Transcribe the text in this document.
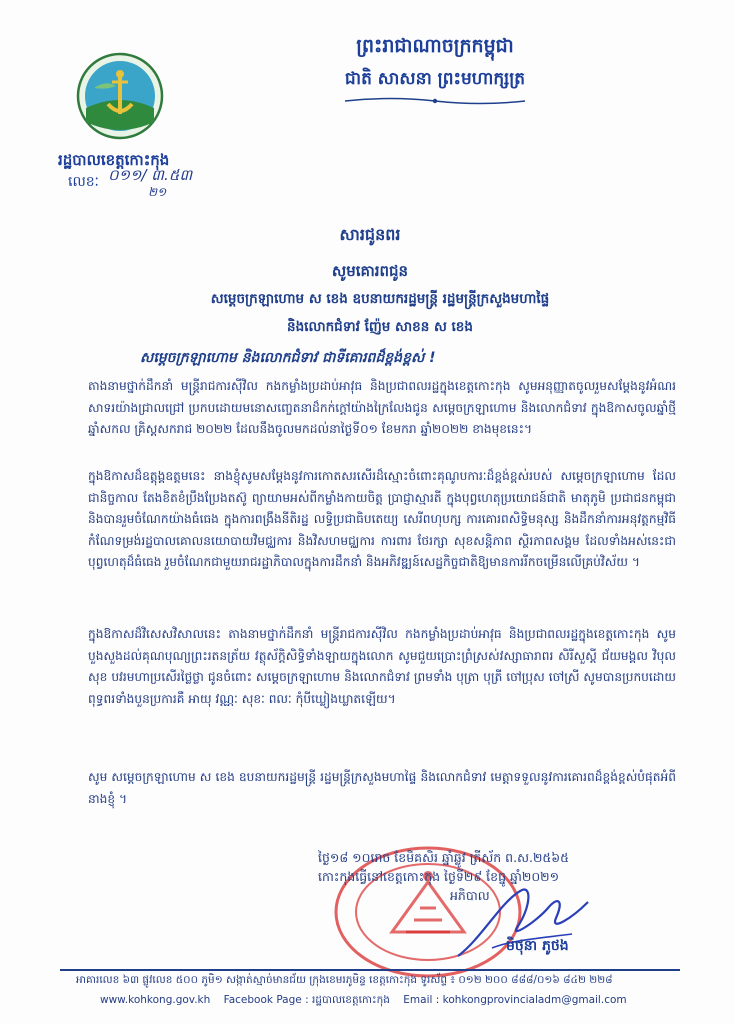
ព្រះរាជាណាចក្រកម្ពុជា
ជាតិ សាសនា ព្រះមហាក្សត្រ
រដ្ឋបាលខេត្តកោះកុង
លេខៈ ០១១/ ៣.៥៣
២១
សារជូនពរ
សូមគោរពជូន
សម្តេចក្រឡាហោម ស ខេង ឧបនាយករដ្ឋមន្ត្រី រដ្ឋមន្ត្រីក្រសួងមហាផ្ទៃ
និងលោកជំទាវ ញ៉ែម សាខន ស ខេង
សម្តេចក្រឡាហោម និងលោកជំទាវ ជាទីគោរពដ៏ខ្ពង់ខ្ពស់ !

តាងនាមថ្នាក់ដឹកនាំ មន្ត្រីរាជការស៊ីវិល កងកម្លាំងប្រដាប់អាវុធ និងប្រជាពលរដ្ឋក្នុងខេត្តកោះកុង សូមអនុញ្ញាតចូលរួមសម្តែងនូវអំណរសាទរយ៉ាងជ្រាលជ្រៅ ប្រកបដោយមនោសញ្ចេតនាដ៏កក់ក្តៅយ៉ាងក្រៃលែងជូន សម្តេចក្រឡាហោម និងលោកជំទាវ ក្នុងឱកាសចូលឆ្នាំថ្មី ឆ្នាំសកល គ្រិស្តសករាជ ២០២២ ដែលនឹងចូលមកដល់នាថ្ងៃទី០១ ខែមករា ឆ្នាំ២០២២ ខាងមុខនេះ។

ក្នុងឱកាសដ៏ឧត្តុង្គឧត្តមនេះ នាងខ្ញុំសូមសម្តែងនូវការកោតសរសើរដ៏ស្មោះចំពោះគុណូបការៈដ៏ខ្ពង់ខ្ពស់របស់ សម្តេចក្រឡាហោម ដែលជានិច្ចកាល តែងខិតខំប្រឹងប្រែងតស៊ូ ព្យាយាមអស់ពីកម្លាំងកាយចិត្ត ប្រាជ្ញាស្មារតី ក្នុងបុព្វហេតុប្រយោជន៍ជាតិ មាតុភូមិ ប្រជាជនកម្ពុជា និងបានរួមចំណែកយ៉ាងធំធេង ក្នុងការពង្រឹងនីតិរដ្ឋ លទ្ធិប្រជាធិបតេយ្យ សេរីពហុបក្ស ការគោរពសិទ្ធិមនុស្ស និងដឹកនាំការអនុវត្តកម្មវិធីកំណែទម្រង់រដ្ឋបាលគោលនយោបាយវិមជ្ឈការ និងវិសហមជ្ឈការ ការពារ ថែរក្សា សុខសន្តិភាព ស្ថិរភាពសង្គម ដែលទាំងអស់នេះជាបុព្វហេតុដ៏ធំធេង រួមចំណែកជាមួយរាជរដ្ឋាភិបាលក្នុងការដឹកនាំ និងអភិវឌ្ឍន៍សេដ្ឋកិច្ចជាតិឱ្យមានការរីកចម្រើនលើគ្រប់វិស័យ ។

ក្នុងឱកាសដ៏វិសេសវិសាលនេះ តាងនាមថ្នាក់ដឹកនាំ មន្ត្រីរាជការស៊ីវិល កងកម្លាំងប្រដាប់អាវុធ និងប្រជាពលរដ្ឋក្នុងខេត្តកោះកុង សូមបួងសួងដល់គុណបុណ្យព្រះរតនត្រ័យ វត្ថុស័ក្តិសិទ្ធិទាំងឡាយក្នុងលោក សូមជួយប្រោះព្រំស្រស់វស្សាធារាពរ សិរីសួស្តី ជ័យមង្គល វិបុលសុខ បវរមហាប្រសើរថ្លៃថ្លា ជូនចំពោះ សម្តេចក្រឡាហោម និងលោកជំទាវ ព្រមទាំង បុត្រា បុត្រី ចៅប្រុស ចៅស្រី សូមបានប្រកបដោយពុទ្ធពរទាំងបួនប្រការគឺ អាយុ វណ្ណៈ សុខៈ ពលៈ កុំបីឃ្លៀងឃ្លាតឡើយ។

សូម សម្តេចក្រឡាហោម ស ខេង ឧបនាយករដ្ឋមន្ត្រី រដ្ឋមន្ត្រីក្រសួងមហាផ្ទៃ និងលោកជំទាវ មេត្តាទទួលនូវការគោរពដ៏ខ្ពង់ខ្ពស់បំផុតអំពីនាងខ្ញុំ ។

ថ្ងៃ១៨ ១០រោច ខែមិគសិរ ឆ្នាំឆ្លូវ ត្រីស័ក ព.ស.២៥៦៥
កោះកុងធ្វើនៅខេត្តកោះកុង ថ្ងៃទី២៩ ខែធ្នូ ឆ្នាំ២០២១
អភិបាល
មិថុនា ភូថង
អាគារលេខ ៦៣ ផ្លូវលេខ ៥០០ ភូមិ១ សង្កាត់ស្មាច់មានជ័យ ក្រុងខេមរភូមិន្ទ ខេត្តកោះកុង ទូរស័ព្ទ ៖ ០១២ ២០០ ៨៨៨/០១៦ ៨៤២ ២២៨
www.kohkong.gov.kh Facebook Page : រដ្ឋបាលខេត្តកោះកុង Email : kohkongprovincialadm@gmail.com
